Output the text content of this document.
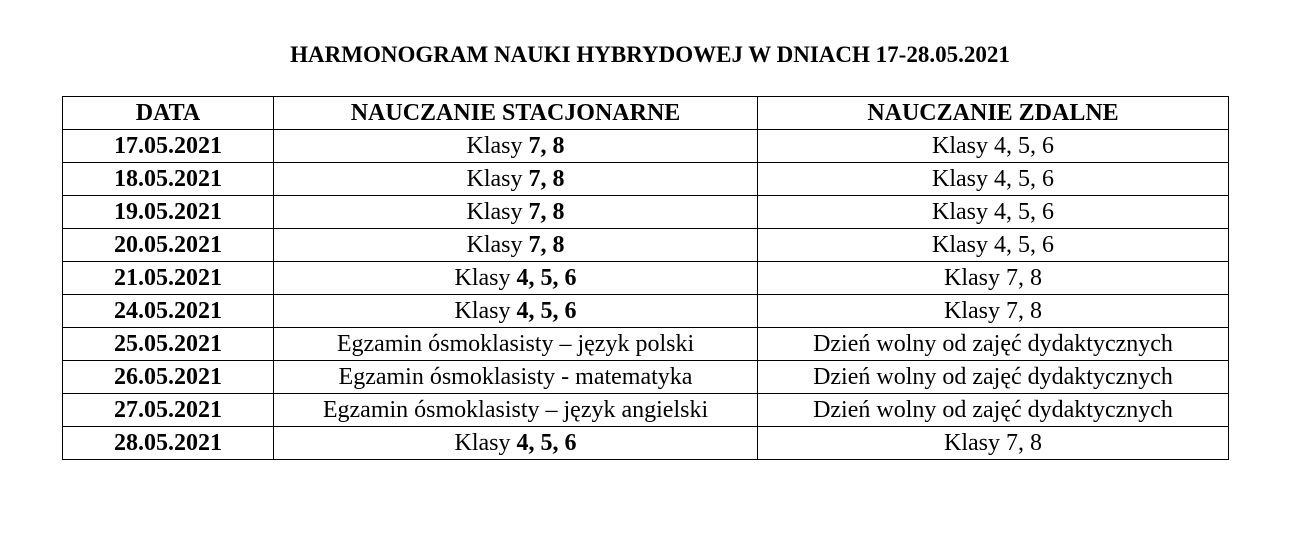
HARMONOGRAM NAUKI HYBRYDOWEJ W DNIACH 17-28.05.2021
DATA	NAUCZANIE STACJONARNE	NAUCZANIE ZDALNE
17.05.2021	Klasy 7, 8	Klasy 4, 5, 6
18.05.2021	Klasy 7, 8	Klasy 4, 5, 6
19.05.2021	Klasy 7, 8	Klasy 4, 5, 6
20.05.2021	Klasy 7, 8	Klasy 4, 5, 6
21.05.2021	Klasy 4, 5, 6	Klasy 7, 8
24.05.2021	Klasy 4, 5, 6	Klasy 7, 8
25.05.2021	Egzamin ósmoklasisty – język polski	Dzień wolny od zajęć dydaktycznych
26.05.2021	Egzamin ósmoklasisty - matematyka	Dzień wolny od zajęć dydaktycznych
27.05.2021	Egzamin ósmoklasisty – język angielski	Dzień wolny od zajęć dydaktycznych
28.05.2021	Klasy 4, 5, 6	Klasy 7, 8
